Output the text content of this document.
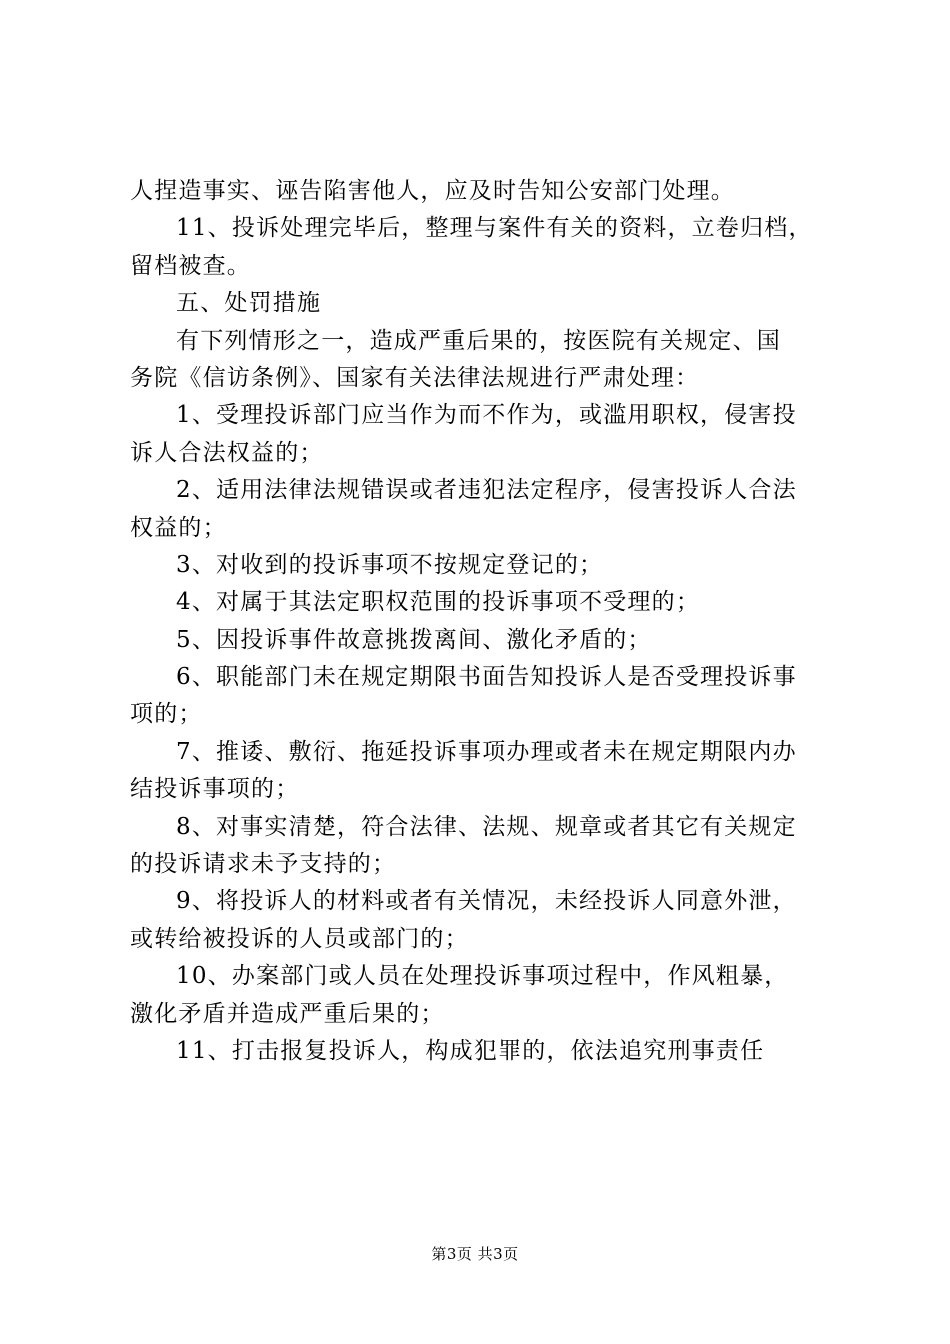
人捏造事实、诬告陷害他人，应及时告知公安部门处理。
11、投诉处理完毕后，整理与案件有关的资料，立卷归档，
留档被查。
五、处罚措施
有下列情形之一，造成严重后果的，按医院有关规定、国
务院《信访条例》、国家有关法律法规进行严肃处理：
1、受理投诉部门应当作为而不作为，或滥用职权，侵害投
诉人合法权益的；
2、适用法律法规错误或者违犯法定程序，侵害投诉人合法
权益的；
3、对收到的投诉事项不按规定登记的；
4、对属于其法定职权范围的投诉事项不受理的；
5、因投诉事件故意挑拨离间、激化矛盾的；
6、职能部门未在规定期限书面告知投诉人是否受理投诉事
项的；
7、推诿、敷衍、拖延投诉事项办理或者未在规定期限内办
结投诉事项的；
8、对事实清楚，符合法律、法规、规章或者其它有关规定
的投诉请求未予支持的；
9、将投诉人的材料或者有关情况，未经投诉人同意外泄，
或转给被投诉的人员或部门的；
10、办案部门或人员在处理投诉事项过程中，作风粗暴，
激化矛盾并造成严重后果的；
11、打击报复投诉人，构成犯罪的，依法追究刑事责任
第3页 共3页
